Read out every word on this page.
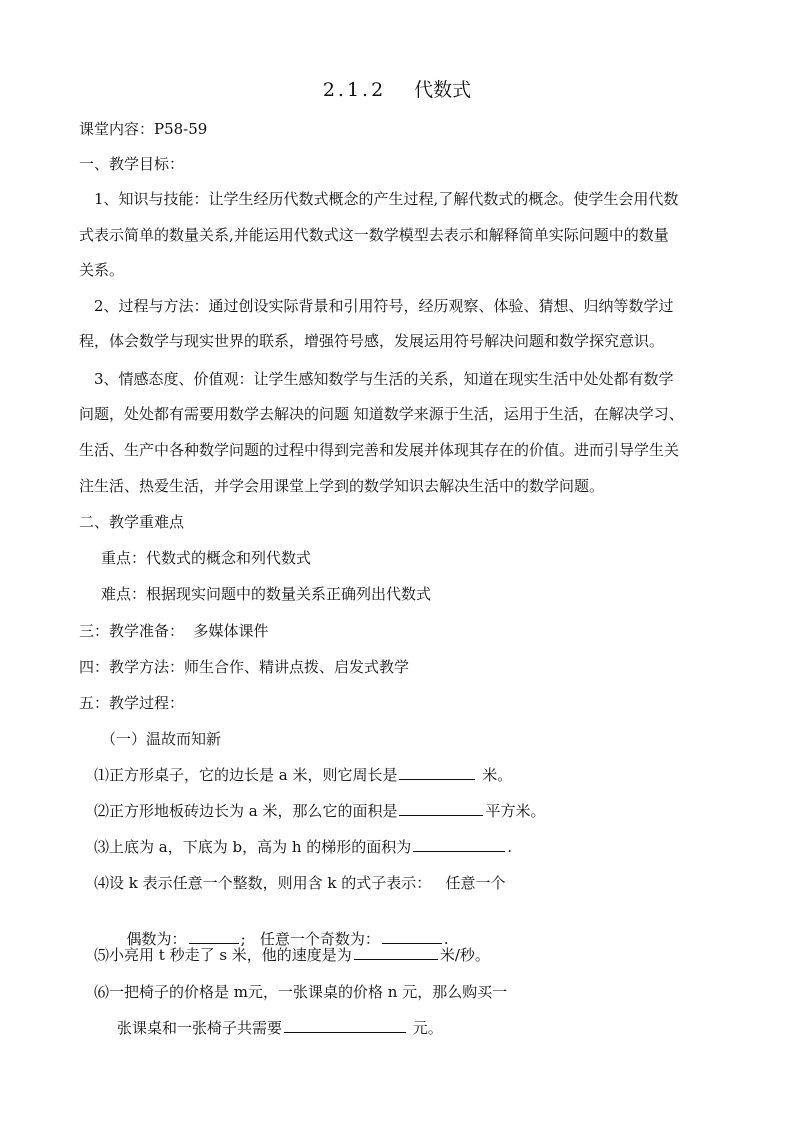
2.1.2 代数式
课堂内容：P58-59
一、教学目标：
1、知识与技能：让学生经历代数式概念的产生过程,了解代数式的概念。使学生会用代数
式表示简单的数量关系,并能运用代数式这一数学模型去表示和解释简单实际问题中的数量
关系。
2、过程与方法：通过创设实际背景和引用符号，经历观察、体验、猜想、归纳等数学过
程，体会数学与现实世界的联系，增强符号感，发展运用符号解决问题和数学探究意识。
3、情感态度、价值观：让学生感知数学与生活的关系，知道在现实生活中处处都有数学
问题，处处都有需要用数学去解决的问题 知道数学来源于生活，运用于生活，在解决学习、
生活、生产中各种数学问题的过程中得到完善和发展并体现其存在的价值。进而引导学生关
注生活、热爱生活，并学会用课堂上学到的数学知识去解决生活中的数学问题。
二、教学重难点
重点：代数式的概念和列代数式
难点：根据现实问题中的数量关系正确列出代数式
三：教学准备：  多媒体课件
四：教学方法：师生合作、精讲点拨、启发式教学
五：教学过程：
（一）温故而知新
⑴正方形桌子，它的边长是 a 米，则它周长是	米。
⑵正方形地板砖边长为 a 米，那么它的面积是	平方米。
⑶上底为 a，下底为 b，高为 h 的梯形的面积为	.
⑷设 k 表示任意一个整数，则用含 k 的式子表示：   任意一个

偶数为：	;   任意一个奇数为：	.

⑸小亮用 t 秒走了 s 米，他的速度是为	米/秒。
⑹一把椅子的价格是 m元，一张课桌的价格 n 元，那么购买一
张课桌和一张椅子共需要	元。
